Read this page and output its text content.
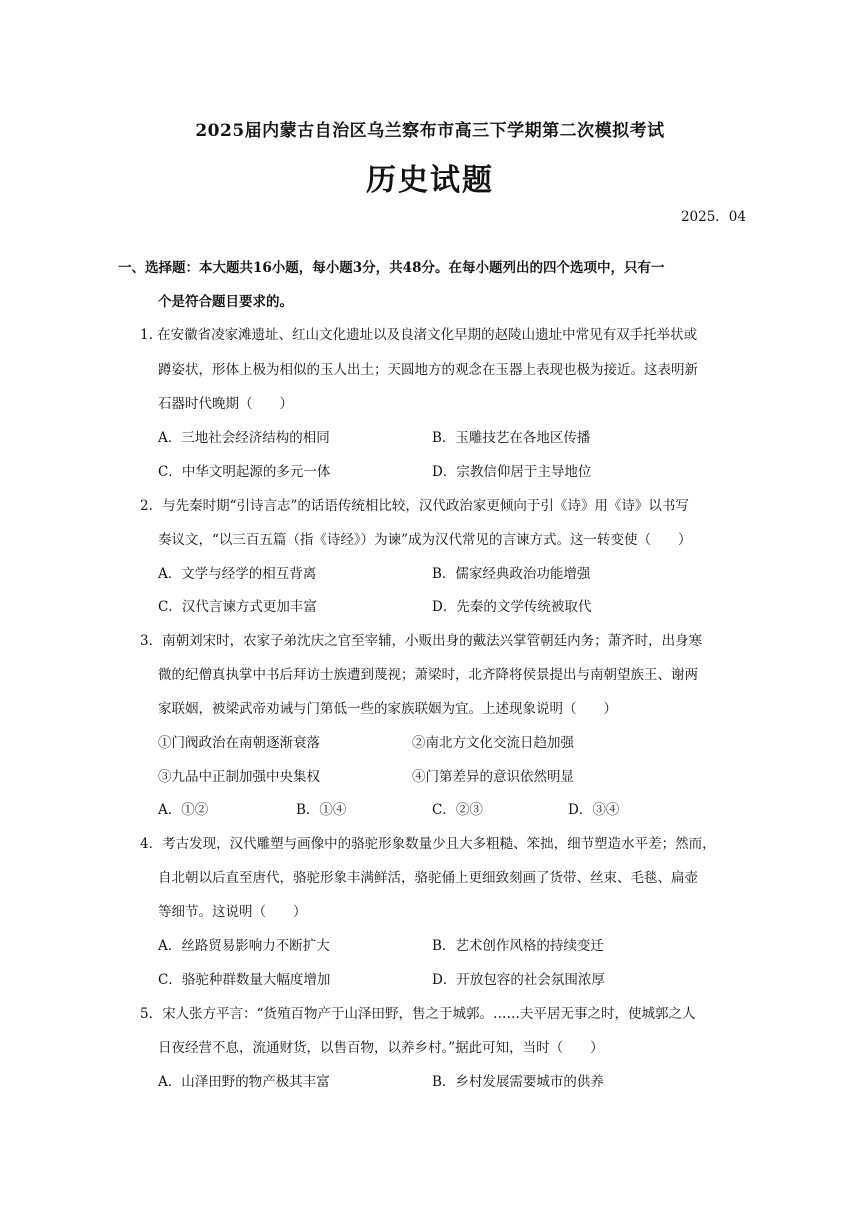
2025届内蒙古自治区乌兰察布市高三下学期第二次模拟考试
历史试题
2025．04
一、选择题：本大题共16小题，每小题3分，共48分。在每小题列出的四个选项中，只有一
个是符合题目要求的。
1. 在安徽省凌家滩遗址、红山文化遗址以及良渚文化早期的赵陵山遗址中常见有双手托举状或
蹲姿状，形体上极为相似的玉人出土；天圆地方的观念在玉器上表现也极为接近。这表明新
石器时代晚期（　　）
A．三地社会经济结构的相同	B．玉雕技艺在各地区传播
C．中华文明起源的多元一体	D．宗教信仰居于主导地位
2．与先秦时期“引诗言志”的话语传统相比较，汉代政治家更倾向于引《诗》用《诗》以书写
奏议文，“以三百五篇（指《诗经》）为谏”成为汉代常见的言谏方式。这一转变使（　　）
A．文学与经学的相互背离	B．儒家经典政治功能增强
C．汉代言谏方式更加丰富	D．先秦的文学传统被取代
3．南朝刘宋时，农家子弟沈庆之官至宰辅，小贩出身的戴法兴掌管朝廷内务；萧齐时，出身寒
微的纪僧真执掌中书后拜访士族遭到蔑视；萧梁时，北齐降将侯景提出与南朝望族王、谢两
家联姻，被梁武帝劝诫与门第低一些的家族联姻为宜。上述现象说明（　　）
①门阀政治在南朝逐渐衰落	②南北方文化交流日趋加强
③九品中正制加强中央集权	④门第差异的意识依然明显
A．①②	B．①④	C．②③	D．③④
4．考古发现，汉代雕塑与画像中的骆驼形象数量少且大多粗糙、笨拙，细节塑造水平差；然而，
自北朝以后直至唐代，骆驼形象丰满鲜活，骆驼俑上更细致刻画了货带、丝束、毛毯、扁壶
等细节。这说明（　　）
A．丝路贸易影响力不断扩大	B．艺术创作风格的持续变迁
C．骆驼种群数量大幅度增加	D．开放包容的社会氛围浓厚
5．宋人张方平言：“货殖百物产于山泽田野，售之于城郭。……夫平居无事之时，使城郭之人
日夜经营不息，流通财货，以售百物，以养乡村。”据此可知，当时（　　）
A．山泽田野的物产极其丰富	B．乡村发展需要城市的供养
